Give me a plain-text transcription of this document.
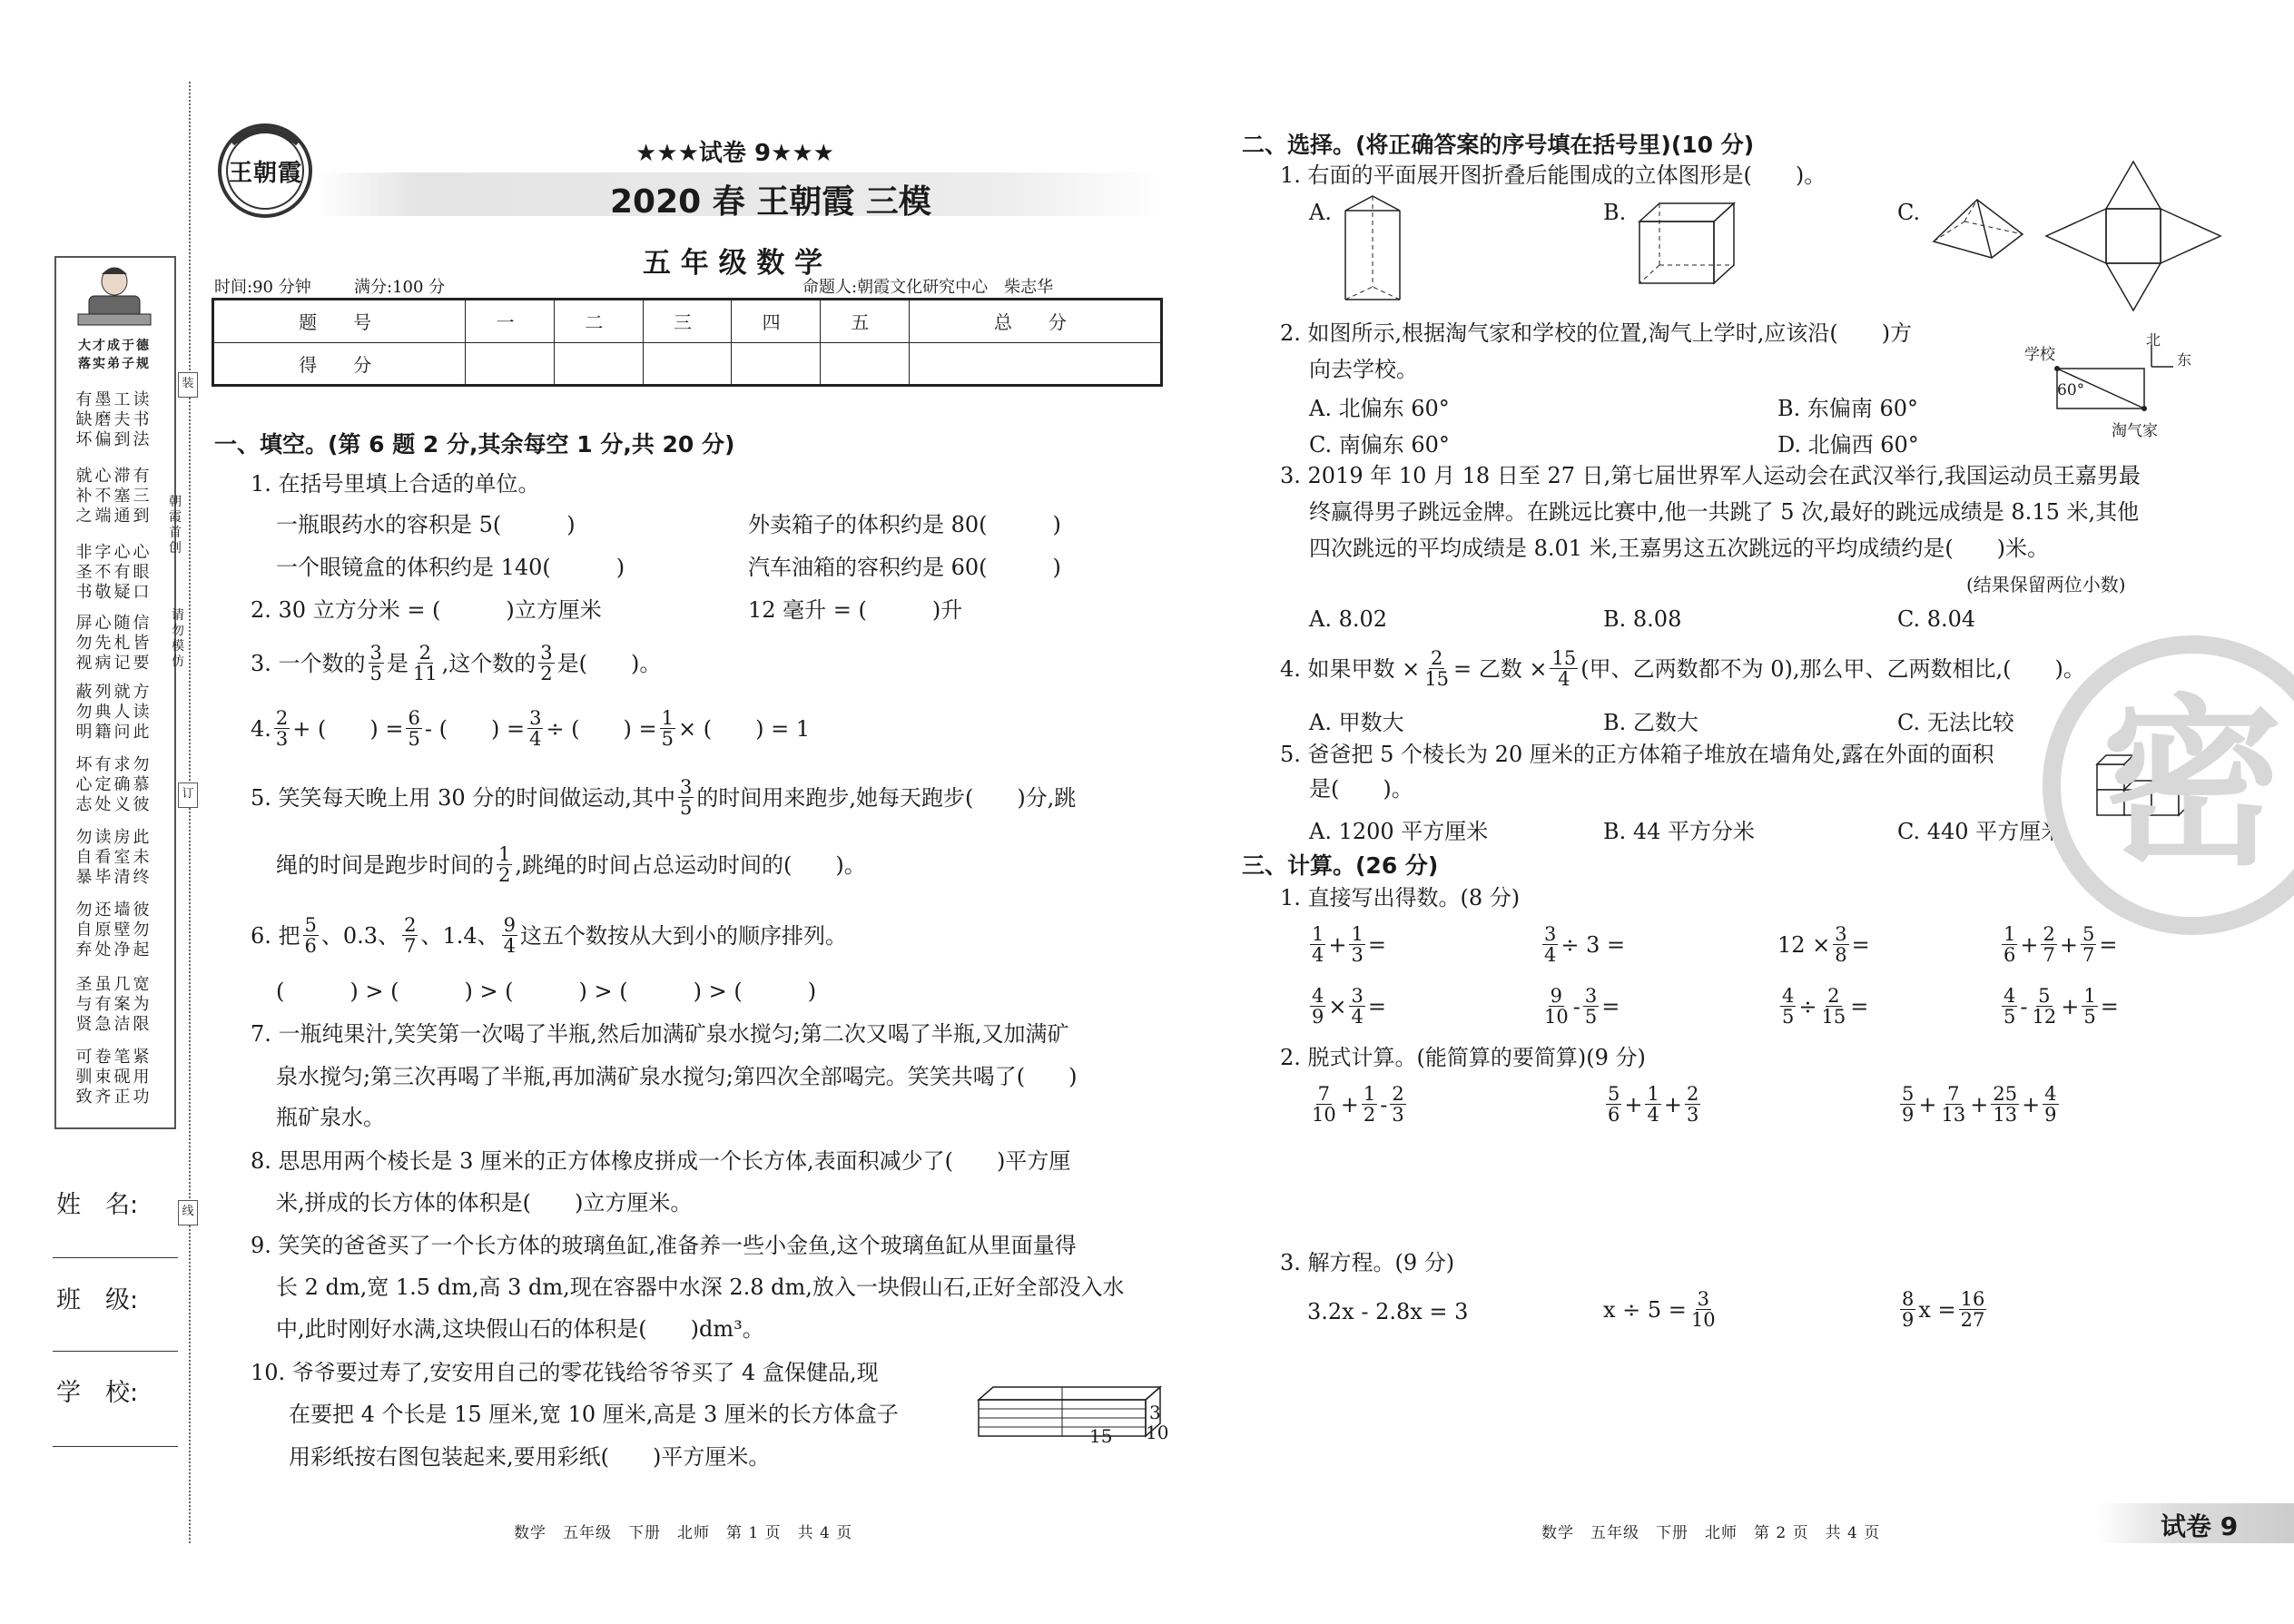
大才成于德
落实弟子规
有墨工读
缺磨夫书
坏偏到法
就心滞有
补不塞三
之端通到
非字心心
圣不有眼
书敬疑口
屏心随信
勿先札皆
视病记要
蔽列就方
勿典人读
明籍问此
坏有求勿
心定确慕
志处义彼
勿读房此
自看室未
暴毕清终
勿还墙彼
自原壁勿
弃处净起
圣虽几宽
与有案为
贤急洁限
可卷笔紧
驯束砚用
致齐正功
朝霞首创
请勿模仿
装
订
线
姓　名:
班　级:
学　校:
王朝霞
★★★试卷 9★★★
2020 春 王朝霞 三模
五 年 级 数 学
时间:90 分钟	满分:100 分	命题人:朝霞文化研究中心　柴志华
题　号	一	二	三	四	五	总　分
得　分						
一、填空。(第 6 题 2 分,其余每空 1 分,共 20 分)
1. 在括号里填上合适的单位。
一瓶眼药水的容积是 5(　　　)	外卖箱子的体积约是 80(　　　)
一个眼镜盒的体积约是 140(　　　)	汽车油箱的容积约是 60(　　　)
2. 30 立方分米 = (　　　)立方厘米	12 毫升 = (　　　)升
3. 一个数的 $\frac{3}{5}$ 是 $\frac{2}{11}$ ,这个数的 $\frac{3}{2}$ 是(　　)。
4. $\frac{2}{3}$ + (　　) = $\frac{6}{5}$ - (　　) = $\frac{3}{4}$ ÷ (　　) = $\frac{1}{5}$ × (　　) = 1
5. 笑笑每天晚上用 30 分的时间做运动,其中 $\frac{3}{5}$ 的时间用来跑步,她每天跑步(　　)分,跳
绳的时间是跑步时间的 $\frac{1}{2}$ ,跳绳的时间占总运动时间的(　　)。
6. 把 $\frac{5}{6}$ 、0.3、 $\frac{2}{7}$ 、1.4、 $\frac{9}{4}$ 这五个数按从大到小的顺序排列。
(　　　) > (　　　) > (　　　) > (　　　) > (　　　)
7. 一瓶纯果汁,笑笑第一次喝了半瓶,然后加满矿泉水搅匀;第二次又喝了半瓶,又加满矿
泉水搅匀;第三次再喝了半瓶,再加满矿泉水搅匀;第四次全部喝完。笑笑共喝了(　　)
瓶矿泉水。
8. 思思用两个棱长是 3 厘米的正方体橡皮拼成一个长方体,表面积减少了(　　)平方厘
米,拼成的长方体的体积是(　　)立方厘米。
9. 笑笑的爸爸买了一个长方体的玻璃鱼缸,准备养一些小金鱼,这个玻璃鱼缸从里面量得
长 2 dm,宽 1.5 dm,高 3 dm,现在容器中水深 2.8 dm,放入一块假山石,正好全部没入水
中,此时刚好水满,这块假山石的体积是(　　)dm³。
10. 爷爷要过寿了,安安用自己的零花钱给爷爷买了 4 盒保健品,现
在要把 4 个长是 15 厘米,宽 10 厘米,高是 3 厘米的长方体盒子
用彩纸按右图包装起来,要用彩纸(　　)平方厘米。
15
3
10
二、选择。(将正确答案的序号填在括号里)(10 分)
1. 右面的平面展开图折叠后能围成的立体图形是(　　)。
A.	B.	C.
2. 如图所示,根据淘气家和学校的位置,淘气上学时,应该沿(　　)方
向去学校。
A. 北偏东 60°	B. 东偏南 60°
C. 南偏东 60°	D. 北偏西 60°
学校
60°
淘气家
北
东
3. 2019 年 10 月 18 日至 27 日,第七届世界军人运动会在武汉举行,我国运动员王嘉男最
终赢得男子跳远金牌。在跳远比赛中,他一共跳了 5 次,最好的跳远成绩是 8.15 米,其他
四次跳远的平均成绩是 8.01 米,王嘉男这五次跳远的平均成绩约是(　　)米。
(结果保留两位小数)
A. 8.02	B. 8.08	C. 8.04
4. 如果甲数 × $\frac{2}{15}$ = 乙数 × $\frac{15}{4}$ (甲、乙两数都不为 0),那么甲、乙两数相比,(　　)。
A. 甲数大	B. 乙数大	C. 无法比较
5. 爸爸把 5 个棱长为 20 厘米的正方体箱子堆放在墙角处,露在外面的面积
是(　　)。
A. 1200 平方厘米	B. 44 平方分米	C. 440 平方厘米
三、计算。(26 分)
1. 直接写出得数。(8 分)
$\frac{1}{4} + \frac{1}{3}$ =	$\frac{3}{4} \div 3$ =	$12 \times \frac{3}{8}$ =	$\frac{1}{6} + \frac{2}{7} + \frac{5}{7}$ =
$\frac{4}{9} \times \frac{3}{4}$ =	$\frac{9}{10} - \frac{3}{5}$ =	$\frac{4}{5} \div \frac{2}{15}$ =	$\frac{4}{5} - \frac{5}{12} + \frac{1}{5}$ =
2. 脱式计算。(能简算的要简算)(9 分)
$\frac{7}{10} + \frac{1}{2} - \frac{2}{3}$	$\frac{5}{6} + \frac{1}{4} + \frac{2}{3}$	$\frac{5}{9} + \frac{7}{13} + \frac{25}{13} + \frac{4}{9}$
3. 解方程。(9 分)
3.2x - 2.8x = 3	$x \div 5 = \frac{3}{10}$	$\frac{8}{9}$ $x = \frac{16}{27}$
密
数学　五年级　下册　北师　第 1 页　共 4 页	数学　五年级　下册　北师　第 2 页　共 4 页	试卷 9
